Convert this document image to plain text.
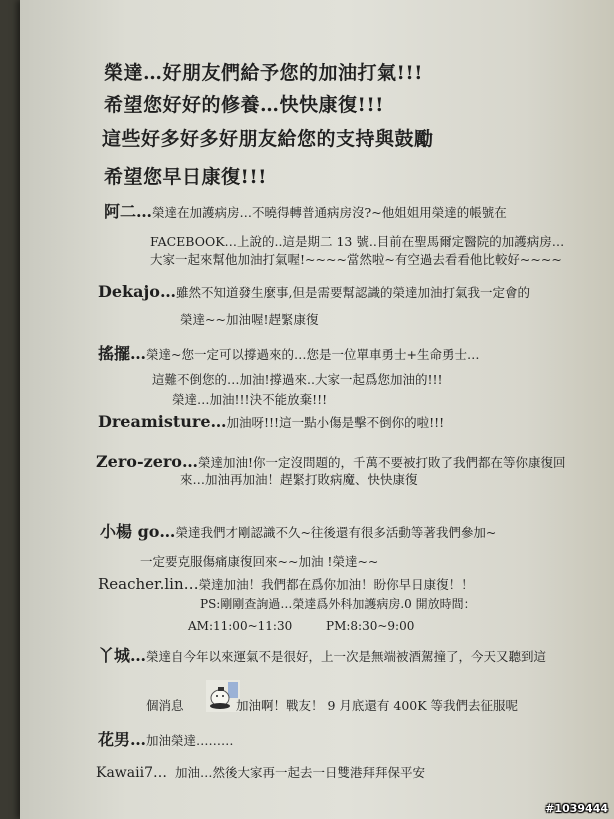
榮達…好朋友們給予您的加油打氣!!!
希望您好好的修養…快快康復!!!
這些好多好多好朋友給您的支持與鼓勵
希望您早日康復!!!
阿二…榮達在加護病房…不曉得轉普通病房沒?~他姐姐用榮達的帳號在
FACEBOOK…上說的..這是期二 13 號..目前在聖馬爾定醫院的加護病房…
大家一起來幫他加油打氣喔!~~~~當然啦~有空過去看看他比較好~~~~
Dekajo…雖然不知道發生麼事,但是需要幫認識的榮達加油打氣我一定會的
榮達~~加油喔!趕緊康復
搖擺…榮達~您一定可以撐過來的…您是一位單車勇士+生命勇士…
這難不倒您的…加油!撐過來..大家一起爲您加油的!!!
榮達…加油!!!決不能放棄!!!
Dreamisture…加油呀!!!這一點小傷是擊不倒你的啦!!!
Zero-zero…榮達加油!你一定沒問題的，千萬不要被打敗了我們都在等你康復回
來…加油再加油！趕緊打敗病魔、快快康復
小楊 go…榮達我們才剛認識不久~往後還有很多活動等著我們參加~
一定要克服傷痛康復回來~~加油 !榮達~~
Reacher.lin…榮達加油！我們都在爲你加油！盼你早日康復！！
PS:剛剛查詢過…榮達爲外科加護病房.0 開放時間：
AM:11:00~11:30	PM:8:30~9:00
丫城…榮達自今年以來運氣不是很好，上一次是無端被酒駕撞了，今天又聽到這
個消息	加油啊！戰友！ 9 月底還有 400K 等我們去征服呢
花男…加油榮達………
Kawaii7… 加油…然後大家再一起去一日雙港拜拜保平安
#1039444
